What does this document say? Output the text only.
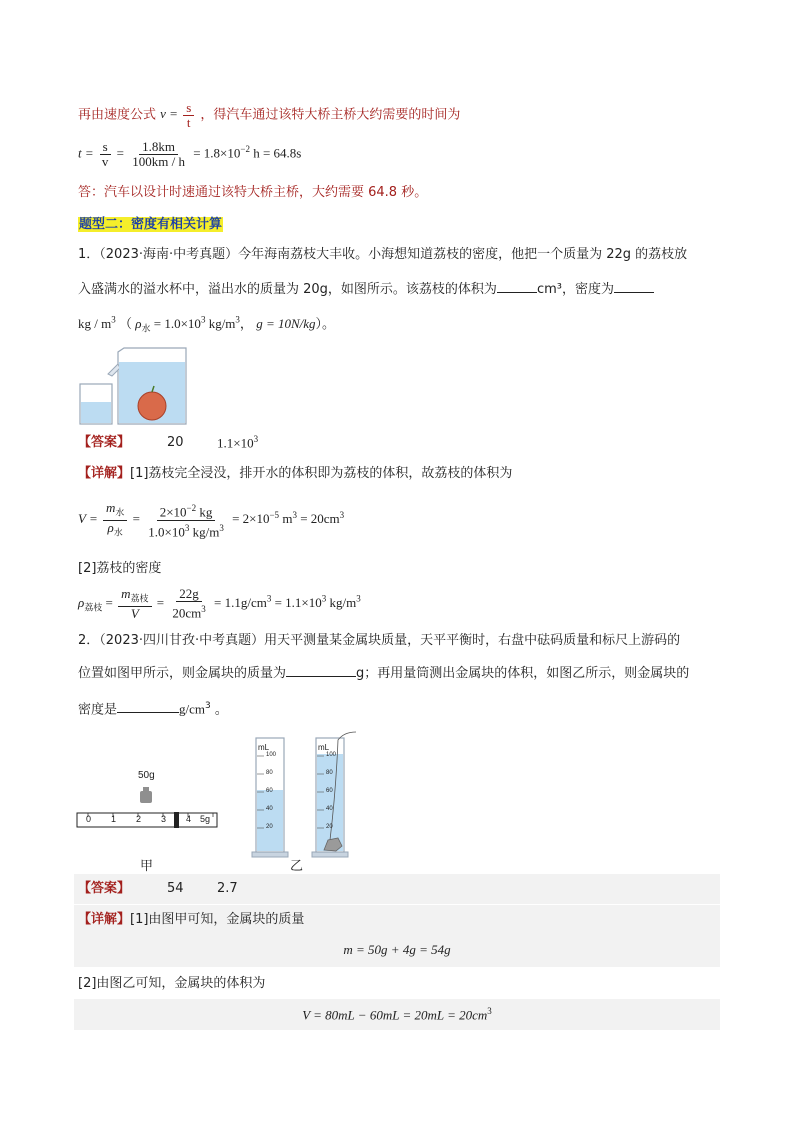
再由速度公式 $v = \frac{s}{t}$ ，得汽车通过该特大桥主桥大约需要的时间为
$t = \frac{s}{v} = \frac{1.8km}{100km / h} = 1.8\times 10^{-2}$ h = 64.8s
答：汽车以设计时速通过该特大桥主桥，大约需要 64.8 秒。
题型二：密度有相关计算
1．（2023·海南·中考真题）今年海南荔枝大丰收。小海想知道荔枝的密度，他把一个质量为 22g 的荔枝放
入盛满水的溢水杯中，溢出水的质量为 20g，如图所示。该荔枝的体积为	cm³，密度为
kg / $m^3$ （ $\rho_水 = 1.0\times 10^3$ $kg/m^3$， g = 10N/kg）。
【答案】	20	$1.1\times 10^3$
【详解】[1]荔枝完全浸没，排开水的体积即为荔枝的体积，故荔枝的体积为
$V = \frac{m_水}{\rho_水} = \frac{2\times 10^{-2} kg}{1.0\times 10^3 kg/m^3} = 2\times 10^{-5}$ $m^3 = 20cm^3$
[2]荔枝的密度
$\rho_{荔枝} = \frac{m_{荔枝}}{V} = \frac{22g}{20cm^3} = 1.1g/cm^3 = 1.1\times 10^3$ $kg/m^3$
2．（2023·四川甘孜·中考真题）用天平测量某金属块质量，天平平衡时，右盘中砝码质量和标尺上游码的
位置如图甲所示，则金属块的质量为	g；再用量筒测出金属块的体积，如图乙所示，则金属块的
密度是	$g/cm^3$ 。
50g
0 1 2 3 4 5g
mL
100
80
60
40
20
mL
100
80
60
40
20
甲	乙
【答案】	54	2.7
【详解】[1]由图甲可知，金属块的质量
m = 50g + 4g = 54g
[2]由图乙可知，金属块的体积为
$V = 80mL - 60mL = 20mL = 20cm^3$
